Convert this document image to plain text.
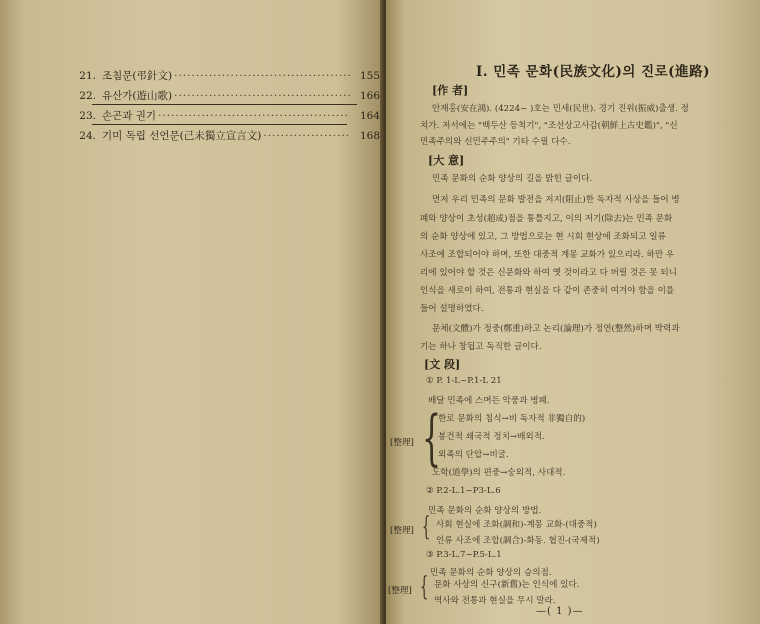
21. 조침문(弔針文) ·····	155
22. 유산가(遊山歌) ·····	166
23. 손곤과 권기 ·····	164
24. 기미 독립 선언문(己未獨立宣言文) ·····	168
I. 민족 문화(民族文化)의 진로(進路)
[作 者]
안재홍(安在鴻). (4224~ )호는 민세(民世). 경기 진위(振威)출생. 정
치가. 저서에는 "백두산 등척기", "조선상고사감(朝鮮上古史鑑)", "신
민족주의와 신민주주의" 기타 수필 다수.
[大 意]
민족 문화의 순화 양상의 길을 밝힌 글이다.
먼저 우리 민족의 문화 발전을 저지(阻止)한 독자적 사상을 들어 병
폐와 양상이 초성(超成)점을 통틀지고, 이의 저기(除去)는 민족 문화
의 순화 양상에 있고, 그 방법으로는 현 시회 현상에 조화되고 일류
사조에 조합되어야 하며, 또한 대중적 계몽 교화가 있으리라. 하만 우
리에 있어야 할 것은 신문화와 하여 옛 것이라고 다 버릴 것은 못 되니
인식을 새로이 하여, 전통과 현실을 다 같이 존중히 여겨야 함을 이를
들어 설명하였다.
문체(文體)가 정중(鄭重)하고 논리(論理)가 정연(整然)하며 박력과
기는 하나 창됩고 독직한 글이다.
[文 段]
① P. 1-L~P.1-L 21
배달 민족에 스며든 악풍과 병폐.
[整理] {
한로 문화의 침식→비 독자적 非獨自的)
봉건적 쇄국적 정치→배외적.
외족의 단압→비굴.
도학(道學)의 편중→숭외적, 사대적.
② P.2-L.1~P3-L.6
민족 문화의 순화 양상의 방법.
[整理] { 사회 현실에 조화(調和)-계몽 교화-(대중적)
인류 사조에 조합(調合)-화동. 협진-(국제적)
③ P.3-L.7~P.5-L.1
민족 문화의 순화 양상의 승의점.
[整理] { 문화 사상의 신구(新舊)는 인식에 있다.
역사와 전통과 현실을 무시 말라.
—( 1 )—
